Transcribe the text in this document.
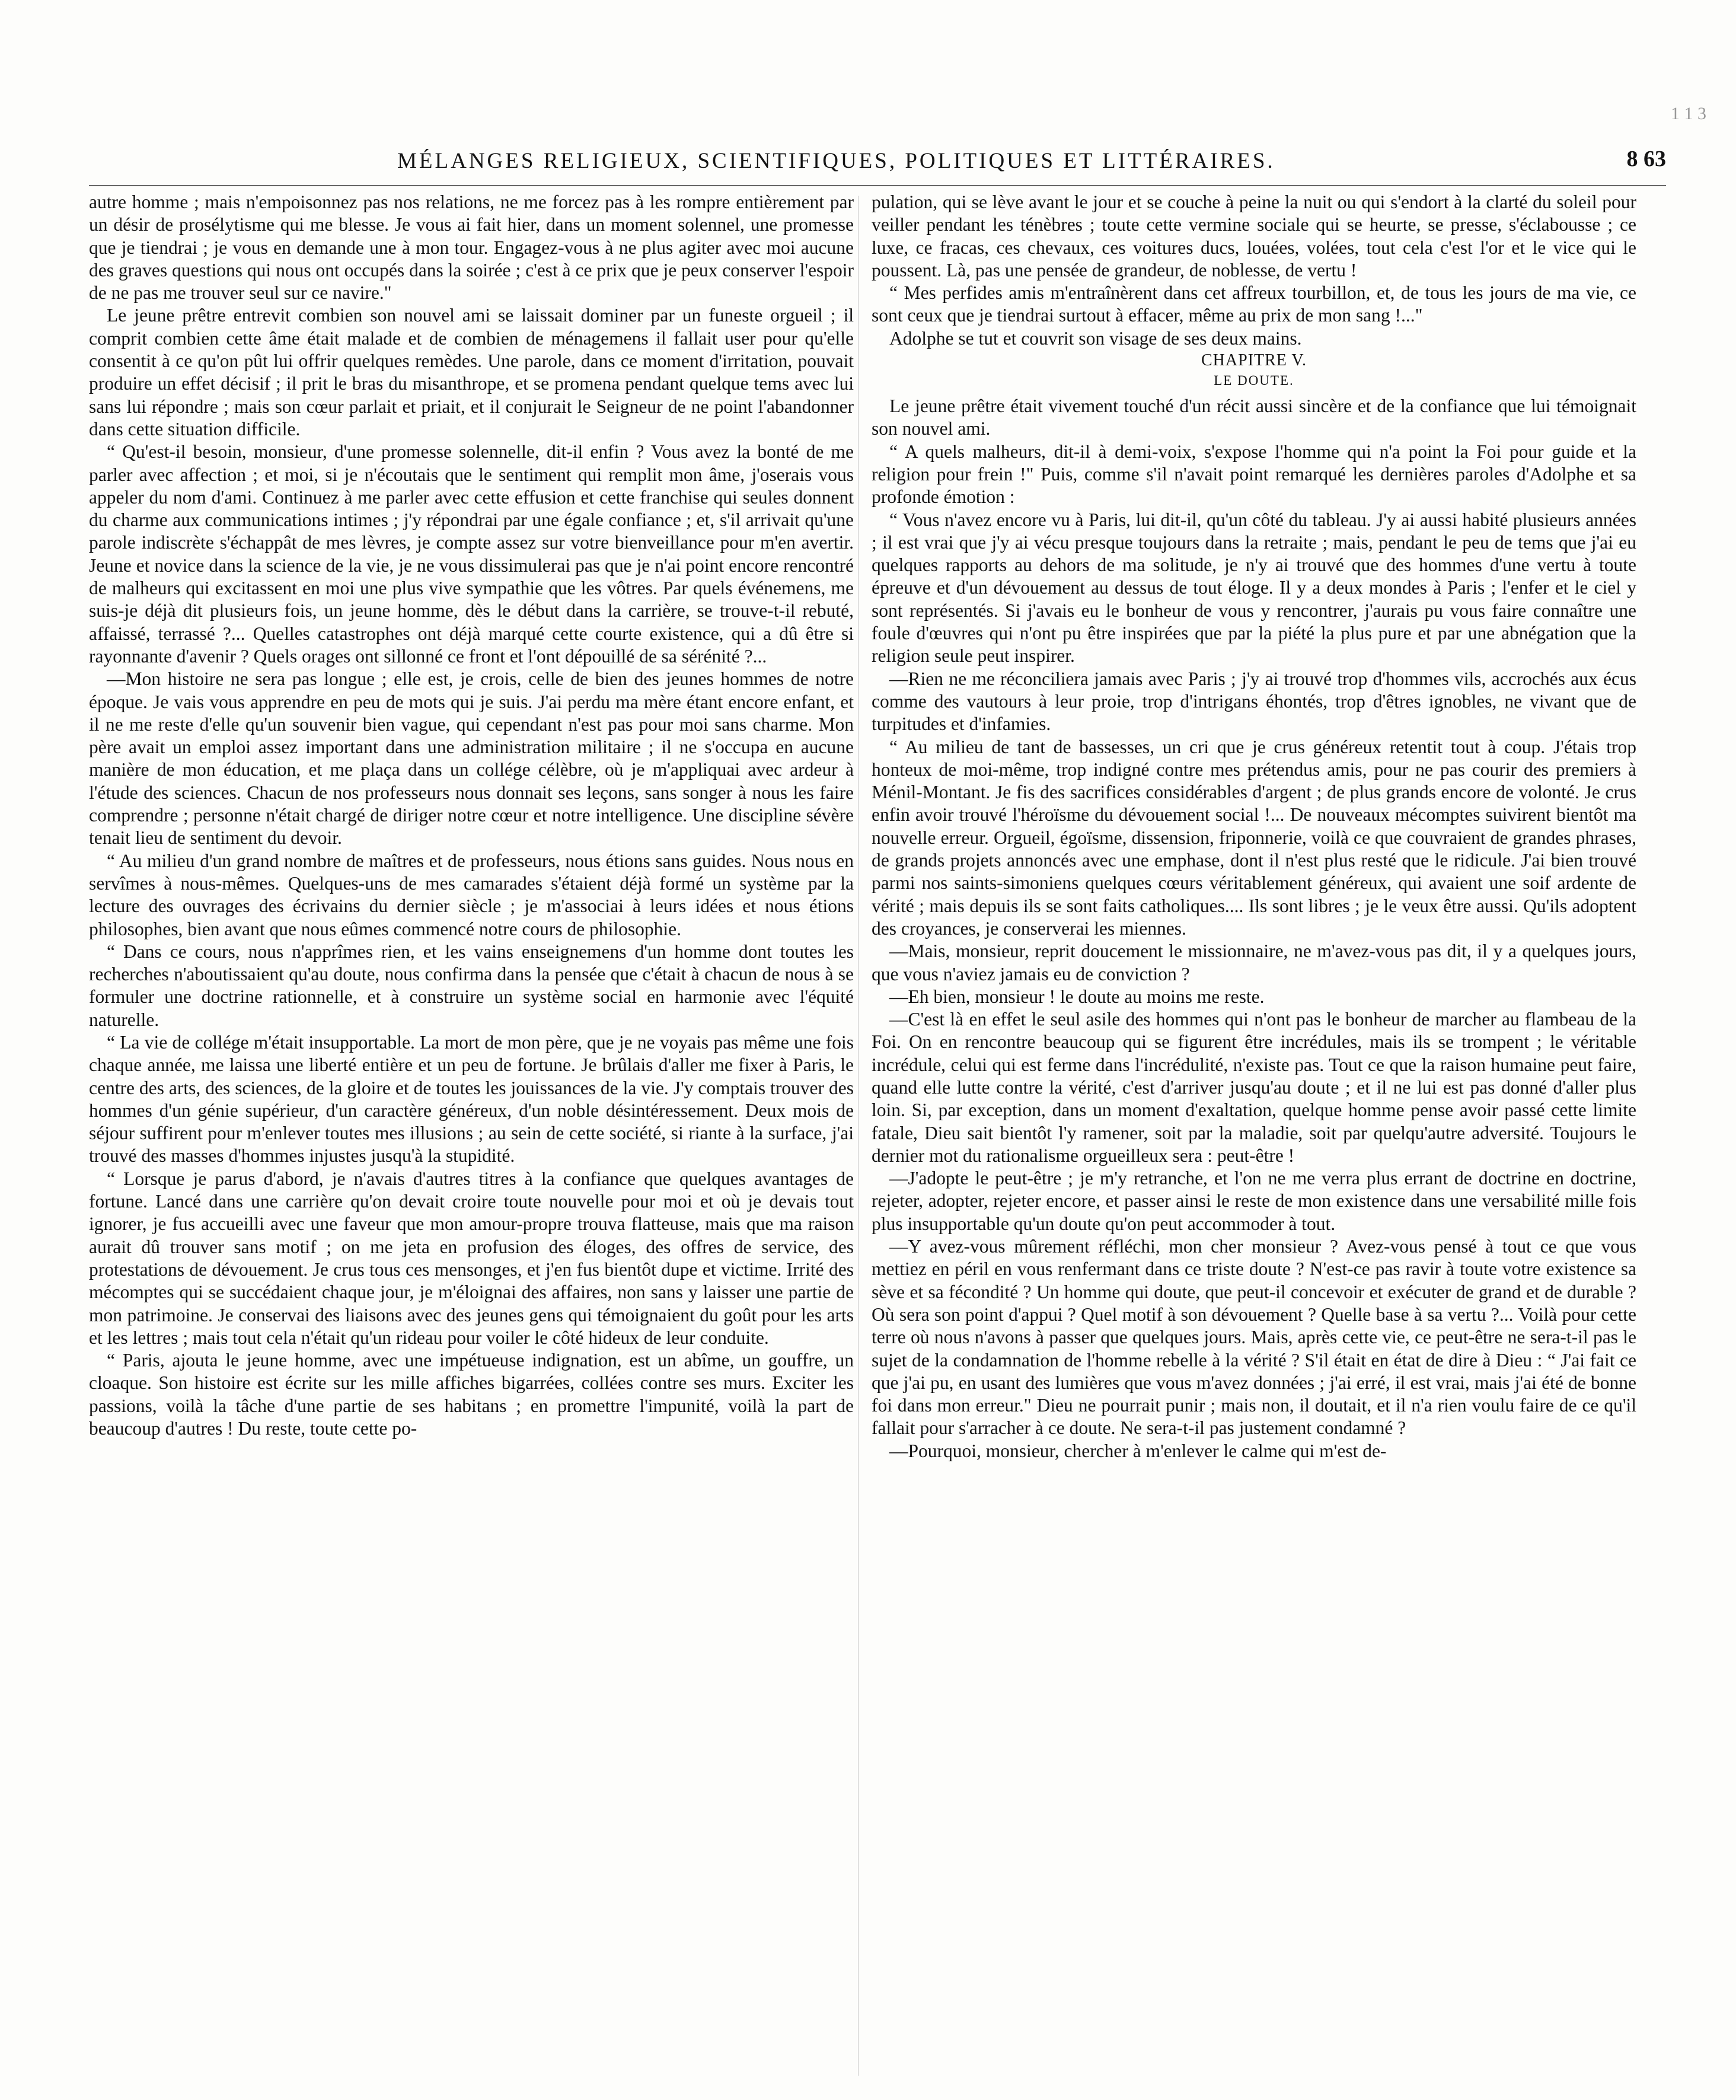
1 1 3
MÉLANGES RELIGIEUX, SCIENTIFIQUES, POLITIQUES ET LITTÉRAIRES.	8 63

autre homme ; mais n'empoisonnez pas nos relations, ne me forcez pas à les rompre entièrement par un désir de prosélytisme qui me blesse. Je vous ai fait hier, dans un moment solennel, une promesse que je tiendrai ; je vous en demande une à mon tour. Engagez-vous à ne plus agiter avec moi aucune des graves questions qui nous ont occupés dans la soirée ; c'est à ce prix que je peux conserver l'espoir de ne pas me trouver seul sur ce navire."

Le jeune prêtre entrevit combien son nouvel ami se laissait dominer par un funeste orgueil ; il comprit combien cette âme était malade et de combien de ménagemens il fallait user pour qu'elle consentit à ce qu'on pût lui offrir quelques remèdes. Une parole, dans ce moment d'irritation, pouvait produire un effet décisif ; il prit le bras du misanthrope, et se promena pendant quelque tems avec lui sans lui répondre ; mais son cœur parlait et priait, et il conjurait le Seigneur de ne point l'abandonner dans cette situation difficile.

“ Qu'est-il besoin, monsieur, d'une promesse solennelle, dit-il enfin ? Vous avez la bonté de me parler avec affection ; et moi, si je n'écoutais que le sentiment qui remplit mon âme, j'oserais vous appeler du nom d'ami. Continuez à me parler avec cette effusion et cette franchise qui seules donnent du charme aux communications intimes ; j'y répondrai par une égale confiance ; et, s'il arrivait qu'une parole indiscrète s'échappât de mes lèvres, je compte assez sur votre bienveillance pour m'en avertir. Jeune et novice dans la science de la vie, je ne vous dissimulerai pas que je n'ai point encore rencontré de malheurs qui excitassent en moi une plus vive sympathie que les vôtres. Par quels événemens, me suis-je déjà dit plusieurs fois, un jeune homme, dès le début dans la carrière, se trouve-t-il rebuté, affaissé, terrassé ?... Quelles catastrophes ont déjà marqué cette courte existence, qui a dû être si rayonnante d'avenir ? Quels orages ont sillonné ce front et l'ont dépouillé de sa sérénité ?...

—Mon histoire ne sera pas longue ; elle est, je crois, celle de bien des jeunes hommes de notre époque. Je vais vous apprendre en peu de mots qui je suis. J'ai perdu ma mère étant encore enfant, et il ne me reste d'elle qu'un souvenir bien vague, qui cependant n'est pas pour moi sans charme. Mon père avait un emploi assez important dans une administration militaire ; il ne s'occupa en aucune manière de mon éducation, et me plaça dans un collége célèbre, où je m'appliquai avec ardeur à l'étude des sciences. Chacun de nos professeurs nous donnait ses leçons, sans songer à nous les faire comprendre ; personne n'était chargé de diriger notre cœur et notre intelligence. Une discipline sévère tenait lieu de sentiment du devoir.

“ Au milieu d'un grand nombre de maîtres et de professeurs, nous étions sans guides. Nous nous en servîmes à nous-mêmes. Quelques-uns de mes camarades s'étaient déjà formé un système par la lecture des ouvrages des écrivains du dernier siècle ; je m'associai à leurs idées et nous étions philosophes, bien avant que nous eûmes commencé notre cours de philosophie.

“ Dans ce cours, nous n'apprîmes rien, et les vains enseignemens d'un homme dont toutes les recherches n'aboutissaient qu'au doute, nous confirma dans la pensée que c'était à chacun de nous à se formuler une doctrine rationnelle, et à construire un système social en harmonie avec l'équité naturelle.

“ La vie de collége m'était insupportable. La mort de mon père, que je ne voyais pas même une fois chaque année, me laissa une liberté entière et un peu de fortune. Je brûlais d'aller me fixer à Paris, le centre des arts, des sciences, de la gloire et de toutes les jouissances de la vie. J'y comptais trouver des hommes d'un génie supérieur, d'un caractère généreux, d'un noble désintéressement. Deux mois de séjour suffirent pour m'enlever toutes mes illusions ; au sein de cette société, si riante à la surface, j'ai trouvé des masses d'hommes injustes jusqu'à la stupidité.

“ Lorsque je parus d'abord, je n'avais d'autres titres à la confiance que quelques avantages de fortune. Lancé dans une carrière qu'on devait croire toute nouvelle pour moi et où je devais tout ignorer, je fus accueilli avec une faveur que mon amour-propre trouva flatteuse, mais que ma raison aurait dû trouver sans motif ; on me jeta en profusion des éloges, des offres de service, des protestations de dévouement. Je crus tous ces mensonges, et j'en fus bientôt dupe et victime. Irrité des mécomptes qui se succédaient chaque jour, je m'éloignai des affaires, non sans y laisser une partie de mon patrimoine. Je conservai des liaisons avec des jeunes gens qui témoignaient du goût pour les arts et les lettres ; mais tout cela n'était qu'un rideau pour voiler le côté hideux de leur conduite.

“ Paris, ajouta le jeune homme, avec une impétueuse indignation, est un abîme, un gouffre, un cloaque. Son histoire est écrite sur les mille affiches bigarrées, collées contre ses murs. Exciter les passions, voilà la tâche d'une partie de ses habitans ; en promettre l'impunité, voilà la part de beaucoup d'autres ! Du reste, toute cette po-

pulation, qui se lève avant le jour et se couche à peine la nuit ou qui s'endort à la clarté du soleil pour veiller pendant les ténèbres ; toute cette vermine sociale qui se heurte, se presse, s'éclabousse ; ce luxe, ce fracas, ces chevaux, ces voitures ducs, louées, volées, tout cela c'est l'or et le vice qui le poussent. Là, pas une pensée de grandeur, de noblesse, de vertu !

“ Mes perfides amis m'entraînèrent dans cet affreux tourbillon, et, de tous les jours de ma vie, ce sont ceux que je tiendrai surtout à effacer, même au prix de mon sang !..."

Adolphe se tut et couvrit son visage de ses deux mains.

CHAPITRE V.
LE DOUTE.

Le jeune prêtre était vivement touché d'un récit aussi sincère et de la confiance que lui témoignait son nouvel ami.

“ A quels malheurs, dit-il à demi-voix, s'expose l'homme qui n'a point la Foi pour guide et la religion pour frein !" Puis, comme s'il n'avait point remarqué les dernières paroles d'Adolphe et sa profonde émotion :

“ Vous n'avez encore vu à Paris, lui dit-il, qu'un côté du tableau. J'y ai aussi habité plusieurs années ; il est vrai que j'y ai vécu presque toujours dans la retraite ; mais, pendant le peu de tems que j'ai eu quelques rapports au dehors de ma solitude, je n'y ai trouvé que des hommes d'une vertu à toute épreuve et d'un dévouement au dessus de tout éloge. Il y a deux mondes à Paris ; l'enfer et le ciel y sont représentés. Si j'avais eu le bonheur de vous y rencontrer, j'aurais pu vous faire connaître une foule d'œuvres qui n'ont pu être inspirées que par la piété la plus pure et par une abnégation que la religion seule peut inspirer.

—Rien ne me réconciliera jamais avec Paris ; j'y ai trouvé trop d'hommes vils, accrochés aux écus comme des vautours à leur proie, trop d'intrigans éhontés, trop d'êtres ignobles, ne vivant que de turpitudes et d'infamies.

“ Au milieu de tant de bassesses, un cri que je crus généreux retentit tout à coup. J'étais trop honteux de moi-même, trop indigné contre mes prétendus amis, pour ne pas courir des premiers à Ménil-Montant. Je fis des sacrifices considérables d'argent ; de plus grands encore de volonté. Je crus enfin avoir trouvé l'héroïsme du dévouement social !... De nouveaux mécomptes suivirent bientôt ma nouvelle erreur. Orgueil, égoïsme, dissension, friponnerie, voilà ce que couvraient de grandes phrases, de grands projets annoncés avec une emphase, dont il n'est plus resté que le ridicule. J'ai bien trouvé parmi nos saints-simoniens quelques cœurs véritablement généreux, qui avaient une soif ardente de vérité ; mais depuis ils se sont faits catholiques.... Ils sont libres ; je le veux être aussi. Qu'ils adoptent des croyances, je conserverai les miennes.

—Mais, monsieur, reprit doucement le missionnaire, ne m'avez-vous pas dit, il y a quelques jours, que vous n'aviez jamais eu de conviction ?

—Eh bien, monsieur ! le doute au moins me reste.

—C'est là en effet le seul asile des hommes qui n'ont pas le bonheur de marcher au flambeau de la Foi. On en rencontre beaucoup qui se figurent être incrédules, mais ils se trompent ; le véritable incrédule, celui qui est ferme dans l'incrédulité, n'existe pas. Tout ce que la raison humaine peut faire, quand elle lutte contre la vérité, c'est d'arriver jusqu'au doute ; et il ne lui est pas donné d'aller plus loin. Si, par exception, dans un moment d'exaltation, quelque homme pense avoir passé cette limite fatale, Dieu sait bientôt l'y ramener, soit par la maladie, soit par quelqu'autre adversité. Toujours le dernier mot du rationalisme orgueilleux sera : peut-être !

—J'adopte le peut-être ; je m'y retranche, et l'on ne me verra plus errant de doctrine en doctrine, rejeter, adopter, rejeter encore, et passer ainsi le reste de mon existence dans une versabilité mille fois plus insupportable qu'un doute qu'on peut accommoder à tout.

—Y avez-vous mûrement réfléchi, mon cher monsieur ? Avez-vous pensé à tout ce que vous mettiez en péril en vous renfermant dans ce triste doute ? N'est-ce pas ravir à toute votre existence sa sève et sa fécondité ? Un homme qui doute, que peut-il concevoir et exécuter de grand et de durable ? Où sera son point d'appui ? Quel motif à son dévouement ? Quelle base à sa vertu ?... Voilà pour cette terre où nous n'avons à passer que quelques jours. Mais, après cette vie, ce peut-être ne sera-t-il pas le sujet de la condamnation de l'homme rebelle à la vérité ? S'il était en état de dire à Dieu : “ J'ai fait ce que j'ai pu, en usant des lumières que vous m'avez données ; j'ai erré, il est vrai, mais j'ai été de bonne foi dans mon erreur." Dieu ne pourrait punir ; mais non, il doutait, et il n'a rien voulu faire de ce qu'il fallait pour s'arracher à ce doute. Ne sera-t-il pas justement condamné ?

—Pourquoi, monsieur, chercher à m'enlever le calme qui m'est de-
